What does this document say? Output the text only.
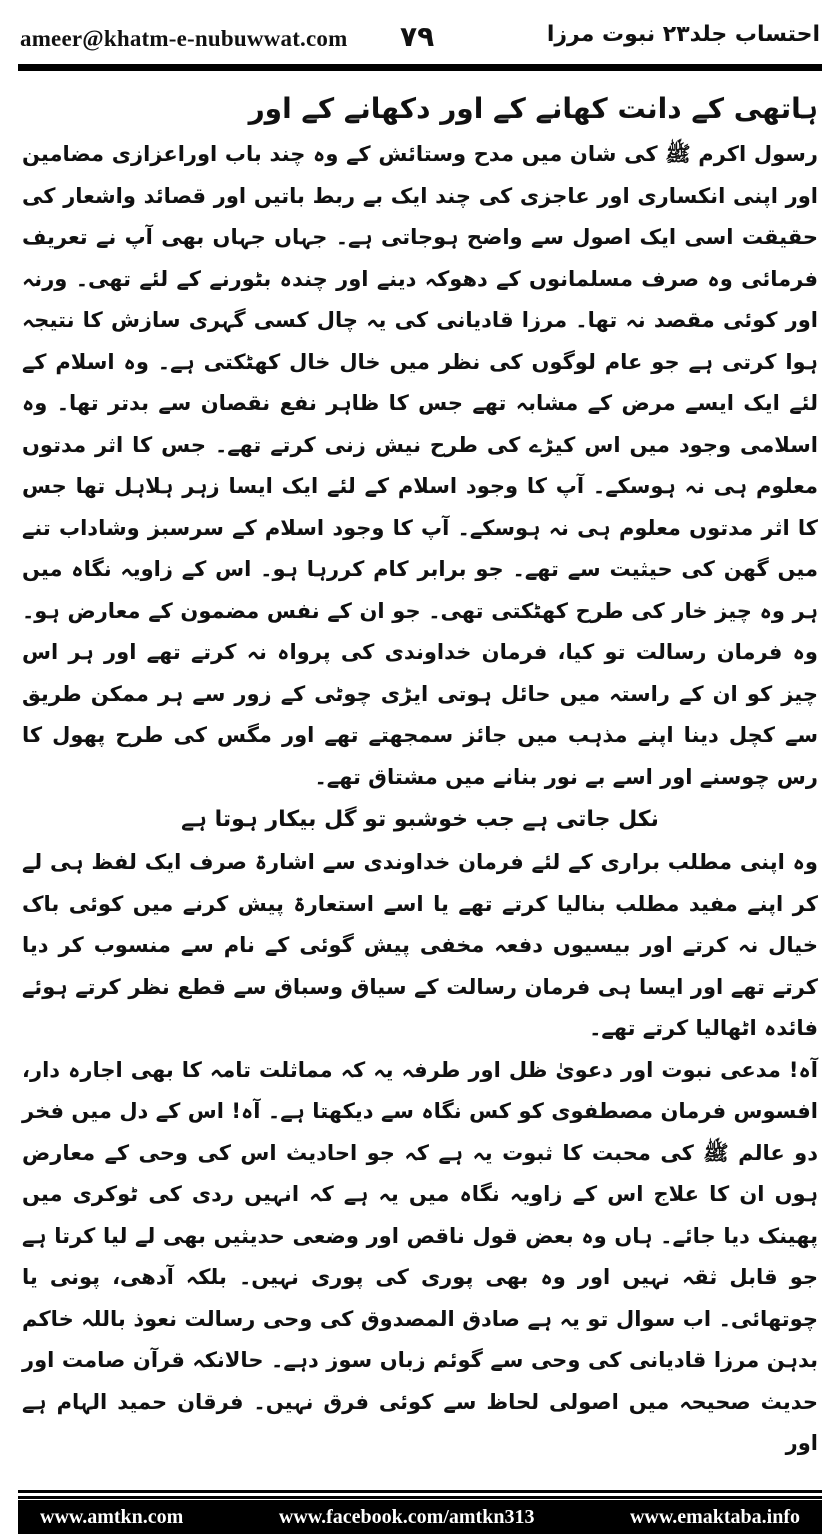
ameer@khatm-e-nubuwwat.com ۷۹	احتساب جلد۲۳ نبوت مرزا

ہاتھی کے دانت کھانے کے اور دکھانے کے اور

رسول اکرم ﷺ کی شان میں مدح وستائش کے وہ چند باب اوراعزازی مضامین اور اپنی انکساری اور عاجزی کی چند ایک بے ربط باتیں اور قصائد واشعار کی حقیقت اسی ایک اصول سے واضح ہوجاتی ہے۔ جہاں جہاں بھی آپ نے تعریف فرمائی وہ صرف مسلمانوں کے دھوکہ دینے اور چندہ بٹورنے کے لئے تھی۔ ورنہ اور کوئی مقصد نہ تھا۔ مرزا قادیانی کی یہ چال کسی گہری سازش کا نتیجہ ہوا کرتی ہے جو عام لوگوں کی نظر میں خال خال کھٹکتی ہے۔ وہ اسلام کے لئے ایک ایسے مرض کے مشابہ تھے جس کا ظاہر نفع نقصان سے بدتر تھا۔ وہ اسلامی وجود میں اس کیڑے کی طرح نیش زنی کرتے تھے۔ جس کا اثر مدتوں معلوم ہی نہ ہوسکے۔ آپ کا وجود اسلام کے لئے ایک ایسا زہر ہلاہل تھا جس کا اثر مدتوں معلوم ہی نہ ہوسکے۔ آپ کا وجود اسلام کے سرسبز وشاداب تنے میں گھن کی حیثیت سے تھے۔ جو برابر کام کررہا ہو۔ اس کے زاویہ نگاہ میں ہر وہ چیز خار کی طرح کھٹکتی تھی۔ جو ان کے نفس مضمون کے معارض ہو۔ وہ فرمان رسالت تو کیا، فرمان خداوندی کی پرواہ نہ کرتے تھے اور ہر اس چیز کو ان کے راستہ میں حائل ہوتی ایڑی چوٹی کے زور سے ہر ممکن طریق سے کچل دینا اپنے مذہب میں جائز سمجھتے تھے اور مگس کی طرح پھول کا رس چوسنے اور اسے بے نور بنانے میں مشتاق تھے۔

نکل جاتی ہے جب خوشبو تو گل بیکار ہوتا ہے

وہ اپنی مطلب براری کے لئے فرمان خداوندی سے اشارۃ صرف ایک لفظ ہی لے کر اپنے مفید مطلب بنالیا کرتے تھے یا اسے استعارۃ پیش کرنے میں کوئی باک خیال نہ کرتے اور بیسیوں دفعہ مخفی پیش گوئی کے نام سے منسوب کر دیا کرتے تھے اور ایسا ہی فرمان رسالت کے سیاق وسباق سے قطع نظر کرتے ہوئے فائدہ اٹھالیا کرتے تھے۔

آہ! مدعی نبوت اور دعویٰ ظل اور طرفہ یہ کہ مماثلت تامہ کا بھی اجارہ دار، افسوس فرمان مصطفوی کو کس نگاہ سے دیکھتا ہے۔ آہ! اس کے دل میں فخر دو عالم ﷺ کی محبت کا ثبوت یہ ہے کہ جو احادیث اس کی وحی کے معارض ہوں ان کا علاج اس کے زاویہ نگاہ میں یہ ہے کہ انہیں ردی کی ٹوکری میں پھینک دیا جائے۔ ہاں وہ بعض قول ناقص اور وضعی حدیثیں بھی لے لیا کرتا ہے جو قابل ثقہ نہیں اور وہ بھی پوری کی پوری نہیں۔ بلکہ آدھی، پونی یا چوتھائی۔ اب سوال تو یہ ہے صادق المصدوق کی وحی رسالت نعوذ باللہ خاکم بدہن مرزا قادیانی کی وحی سے گوئم زباں سوز دہے۔ حالانکہ قرآن صامت اور حدیث صحیحہ میں اصولی لحاظ سے کوئی فرق نہیں۔ فرقان حمید الہام ہے اور

www.amtkn.com	www.facebook.com/amtkn313	www.emaktaba.info
